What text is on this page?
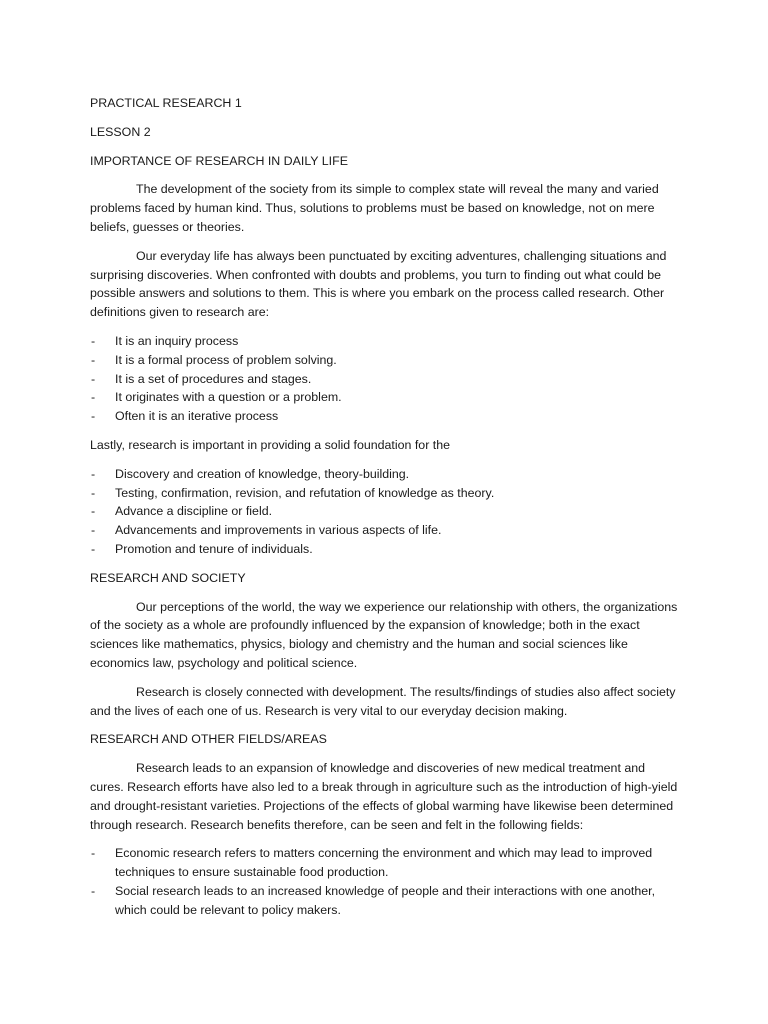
PRACTICAL RESEARCH 1

LESSON 2

IMPORTANCE OF RESEARCH IN DAILY LIFE

The development of the society from its simple to complex state will reveal the many and varied problems faced by human kind. Thus, solutions to problems must be based on knowledge, not on mere beliefs, guesses or theories.

Our everyday life has always been punctuated by exciting adventures, challenging situations and surprising discoveries. When confronted with doubts and problems, you turn to finding out what could be possible answers and solutions to them. This is where you embark on the process called research. Other definitions given to research are:

- It is an inquiry process
- It is a formal process of problem solving.
- It is a set of procedures and stages.
- It originates with a question or a problem.
- Often it is an iterative process

Lastly, research is important in providing a solid foundation for the

- Discovery and creation of knowledge, theory-building.
- Testing, confirmation, revision, and refutation of knowledge as theory.
- Advance a discipline or field.
- Advancements and improvements in various aspects of life.
- Promotion and tenure of individuals.

RESEARCH AND SOCIETY

Our perceptions of the world, the way we experience our relationship with others, the organizations of the society as a whole are profoundly influenced by the expansion of knowledge; both in the exact sciences like mathematics, physics, biology and chemistry and the human and social sciences like economics law, psychology and political science.

Research is closely connected with development. The results/findings of studies also affect society and the lives of each one of us. Research is very vital to our everyday decision making.

RESEARCH AND OTHER FIELDS/AREAS

Research leads to an expansion of knowledge and discoveries of new medical treatment and cures. Research efforts have also led to a break through in agriculture such as the introduction of high-yield and drought-resistant varieties. Projections of the effects of global warming have likewise been determined through research. Research benefits therefore, can be seen and felt in the following fields:

- Economic research refers to matters concerning the environment and which may lead to improved techniques to ensure sustainable food production.
- Social research leads to an increased knowledge of people and their interactions with one another, which could be relevant to policy makers.
